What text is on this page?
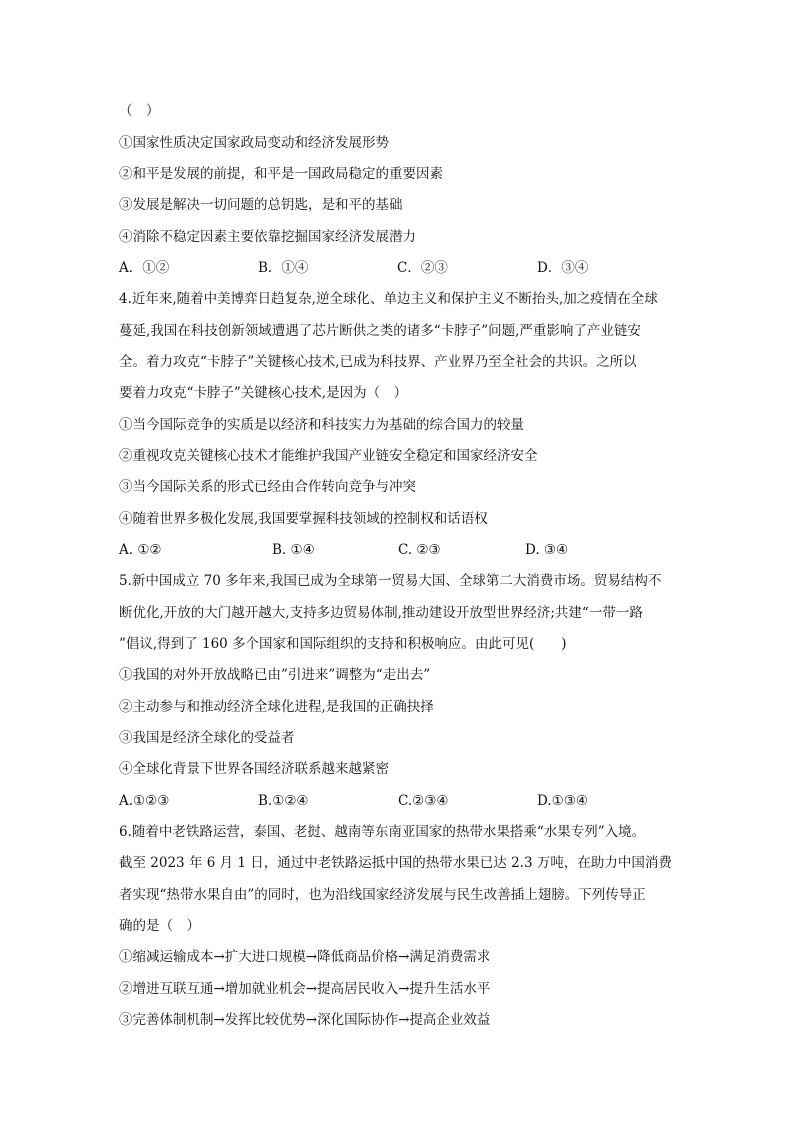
（　）
①国家性质决定国家政局变动和经济发展形势
②和平是发展的前提，和平是一国政局稳定的重要因素
③发展是解决一切问题的总钥匙，是和平的基础
④消除不稳定因素主要依靠挖掘国家经济发展潜力
A．①②	B．①④	C．②③	D．③④
4.近年来,随着中美博弈日趋复杂,逆全球化、单边主义和保护主义不断抬头,加之疫情在全球
蔓延,我国在科技创新领域遭遇了芯片断供之类的诸多“卡脖子”问题,严重影响了产业链安
全。着力攻克“卡脖子”关键核心技术,已成为科技界、产业界乃至全社会的共识。之所以
要着力攻克“卡脖子”关键核心技术,是因为（　）
①当今国际竞争的实质是以经济和科技实力为基础的综合国力的较量
②重视攻克关键核心技术才能维护我国产业链安全稳定和国家经济安全
③当今国际关系的形式已经由合作转向竞争与冲突
④随着世界多极化发展,我国要掌握科技领域的控制权和话语权
A. ①②	B. ①④	C. ②③	D. ③④
5.新中国成立 70 多年来,我国已成为全球第一贸易大国、全球第二大消费市场。贸易结构不
断优化,开放的大门越开越大,支持多边贸易体制,推动建设开放型世界经济;共建“一带一路
”倡议,得到了 160 多个国家和国际组织的支持和积极响应。由此可见(　　)
①我国的对外开放战略已由”引进来”调整为“走出去”
②主动参与和推动经济全球化进程,是我国的正确抉择
③我国是经济全球化的受益者
④全球化背景下世界各国经济联系越来越紧密
A.①②③	B.①②④	C.②③④	D.①③④
6.随着中老铁路运营，泰国、老挝、越南等东南亚国家的热带水果搭乘“水果专列”入境。
截至 2023 年 6 月 1 日，通过中老铁路运抵中国的热带水果已达 2.3 万吨，在助力中国消费
者实现“热带水果自由”的同时，也为沿线国家经济发展与民生改善插上翅膀。下列传导正
确的是（　）
①缩减运输成本→扩大进口规模→降低商品价格→满足消费需求
②增进互联互通→增加就业机会→提高居民收入→提升生活水平
③完善体制机制→发挥比较优势→深化国际协作→提高企业效益
